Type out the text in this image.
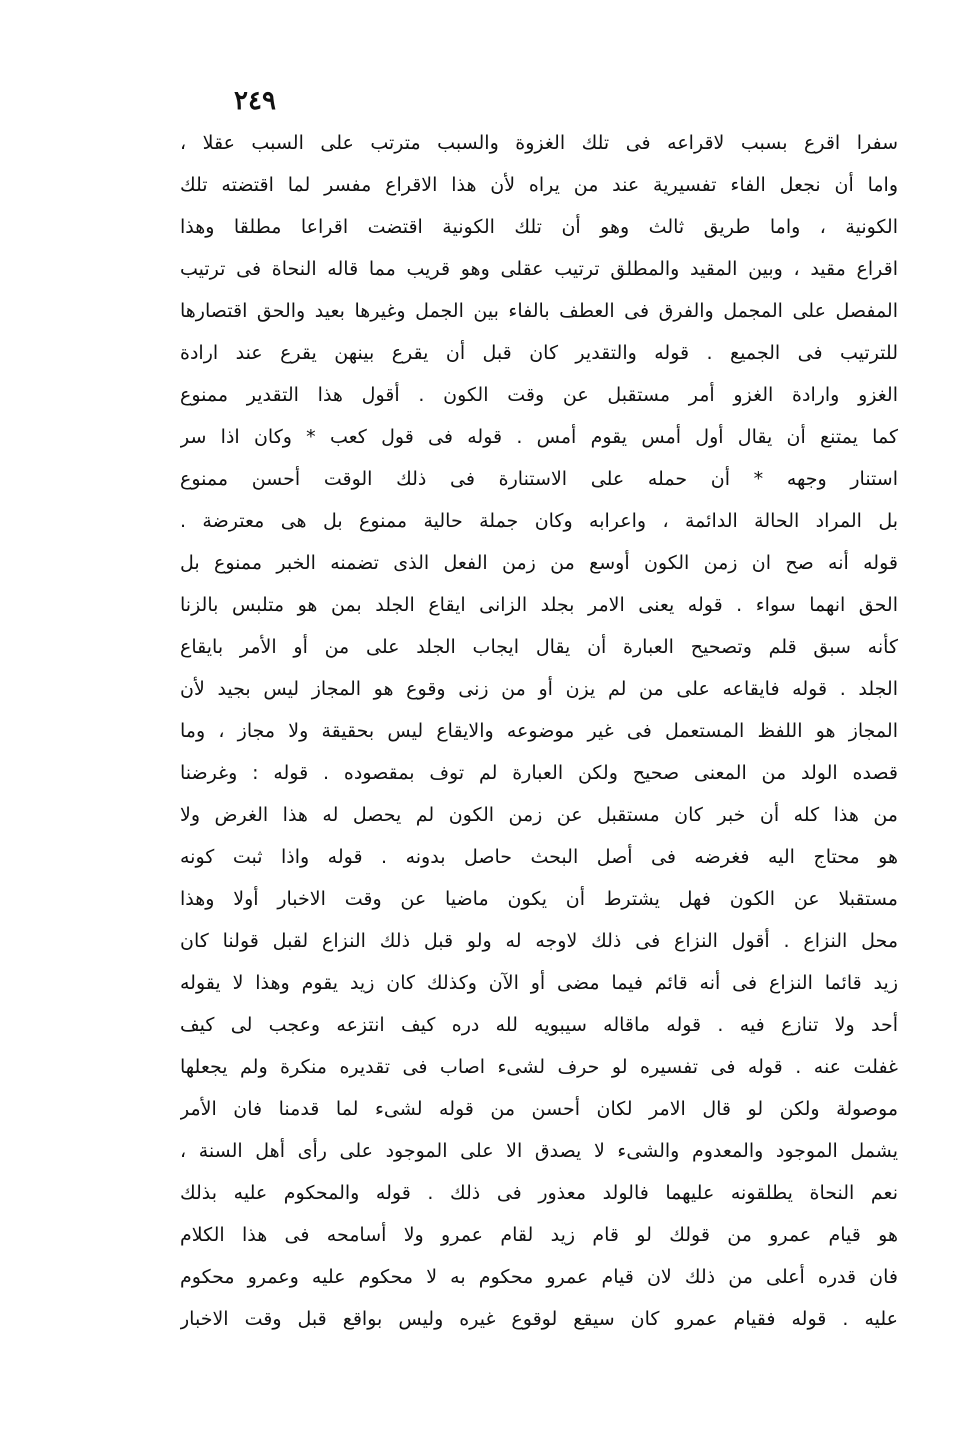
٢٤٩
سفرا اقرع بسبب لاقراعه فى تلك الغزوة والسبب مترتب على السبب عقلا ،
واما أن نجعل الفاء تفسيرية عند من يراه لأن هذا الاقراع مفسر لما اقتضته تلك
الكونية ، واما طريق ثالث وهو أن تلك الكونية اقتضت اقراعا مطلقا وهذا
اقراع مقيد ، وبين المقيد والمطلق ترتيب عقلى وهو قريب مما قاله النحاة فى ترتيب
المفصل على المجمل والفرق فى العطف بالفاء بين الجمل وغيرها بعيد والحق اقتصارها
للترتيب فى الجميع . قوله والتقدير كان قبل أن يقرع بينهن يقرع عند ارادة
الغزو وارادة الغزو أمر مستقبل عن وقت الكون . أقول هذا التقدير ممنوع
كما يمتنع أن يقال أول أمس يقوم أمس . قوله فى قول كعب * وكان اذا سر
استنار وجهه * أن حمله على الاستنارة فى ذلك الوقت أحسن ممنوع
بل المراد الحالة الدائمة ، واعرابه وكان جملة حالية ممنوع بل هى معترضة .
قوله أنه صح ان زمن الكون أوسع من زمن الفعل الذى تضمنه الخبر ممنوع بل
الحق انهما سواء . قوله يعنى الامر بجلد الزانى ايقاع الجلد بمن هو متلبس بالزنا
كأنه سبق قلم وتصحيح العبارة أن يقال ايجاب الجلد على من أو الأمر بايقاع
الجلد . قوله فايقاعه على من لم يزن أو من زنى وقوع هو المجاز ليس بجيد لأن
المجاز هو اللفظ المستعمل فى غير موضوعه والايقاع ليس بحقيقة ولا مجاز ، وما
قصده الولد من المعنى صحيح ولكن العبارة لم توف بمقصوده . قوله : وغرضنا
من هذا كله أن خبر كان مستقبل عن زمن الكون لم يحصل له هذا الغرض ولا
هو محتاج اليه فغرضه فى أصل البحث حاصل بدونه . قوله واذا ثبت كونه
مستقبلا عن الكون فهل يشترط أن يكون ماضيا عن وقت الاخبار أولا وهذا
محل النزاع . أقول النزاع فى ذلك لاوجه له ولو قبل ذلك النزاع لقبل قولنا كان
زيد قائما النزاع فى أنه قائم فيما مضى أو الآن وكذلك كان زيد يقوم وهذا لا يقوله
أحد ولا تنازع فيه . قوله ماقاله سيبويه لله دره كيف انتزعه وعجب لى كيف
غفلت عنه . قوله فى تفسيره لو حرف لشىء اصاب فى تقديره منكرة ولم يجعلها
موصولة ولكن لو قال الامر لكان أحسن من قوله لشىء لما قدمنا فان الأمر
يشمل الموجود والمعدوم والشىء لا يصدق الا على الموجود على رأى أهل السنة ،
نعم النحاة يطلقونه عليهما فالولد معذور فى ذلك . قوله والمحكوم عليه بذلك
هو قيام عمرو من قولك لو قام زيد لقام عمرو ولا أسامحه فى هذا الكلام
فان قدره أعلى من ذلك لان قيام عمرو محكوم به لا محكوم عليه وعمرو محكوم
عليه . قوله فقيام عمرو كان سيقع لوقوع غيره وليس بواقع قبل وقت الاخبار
